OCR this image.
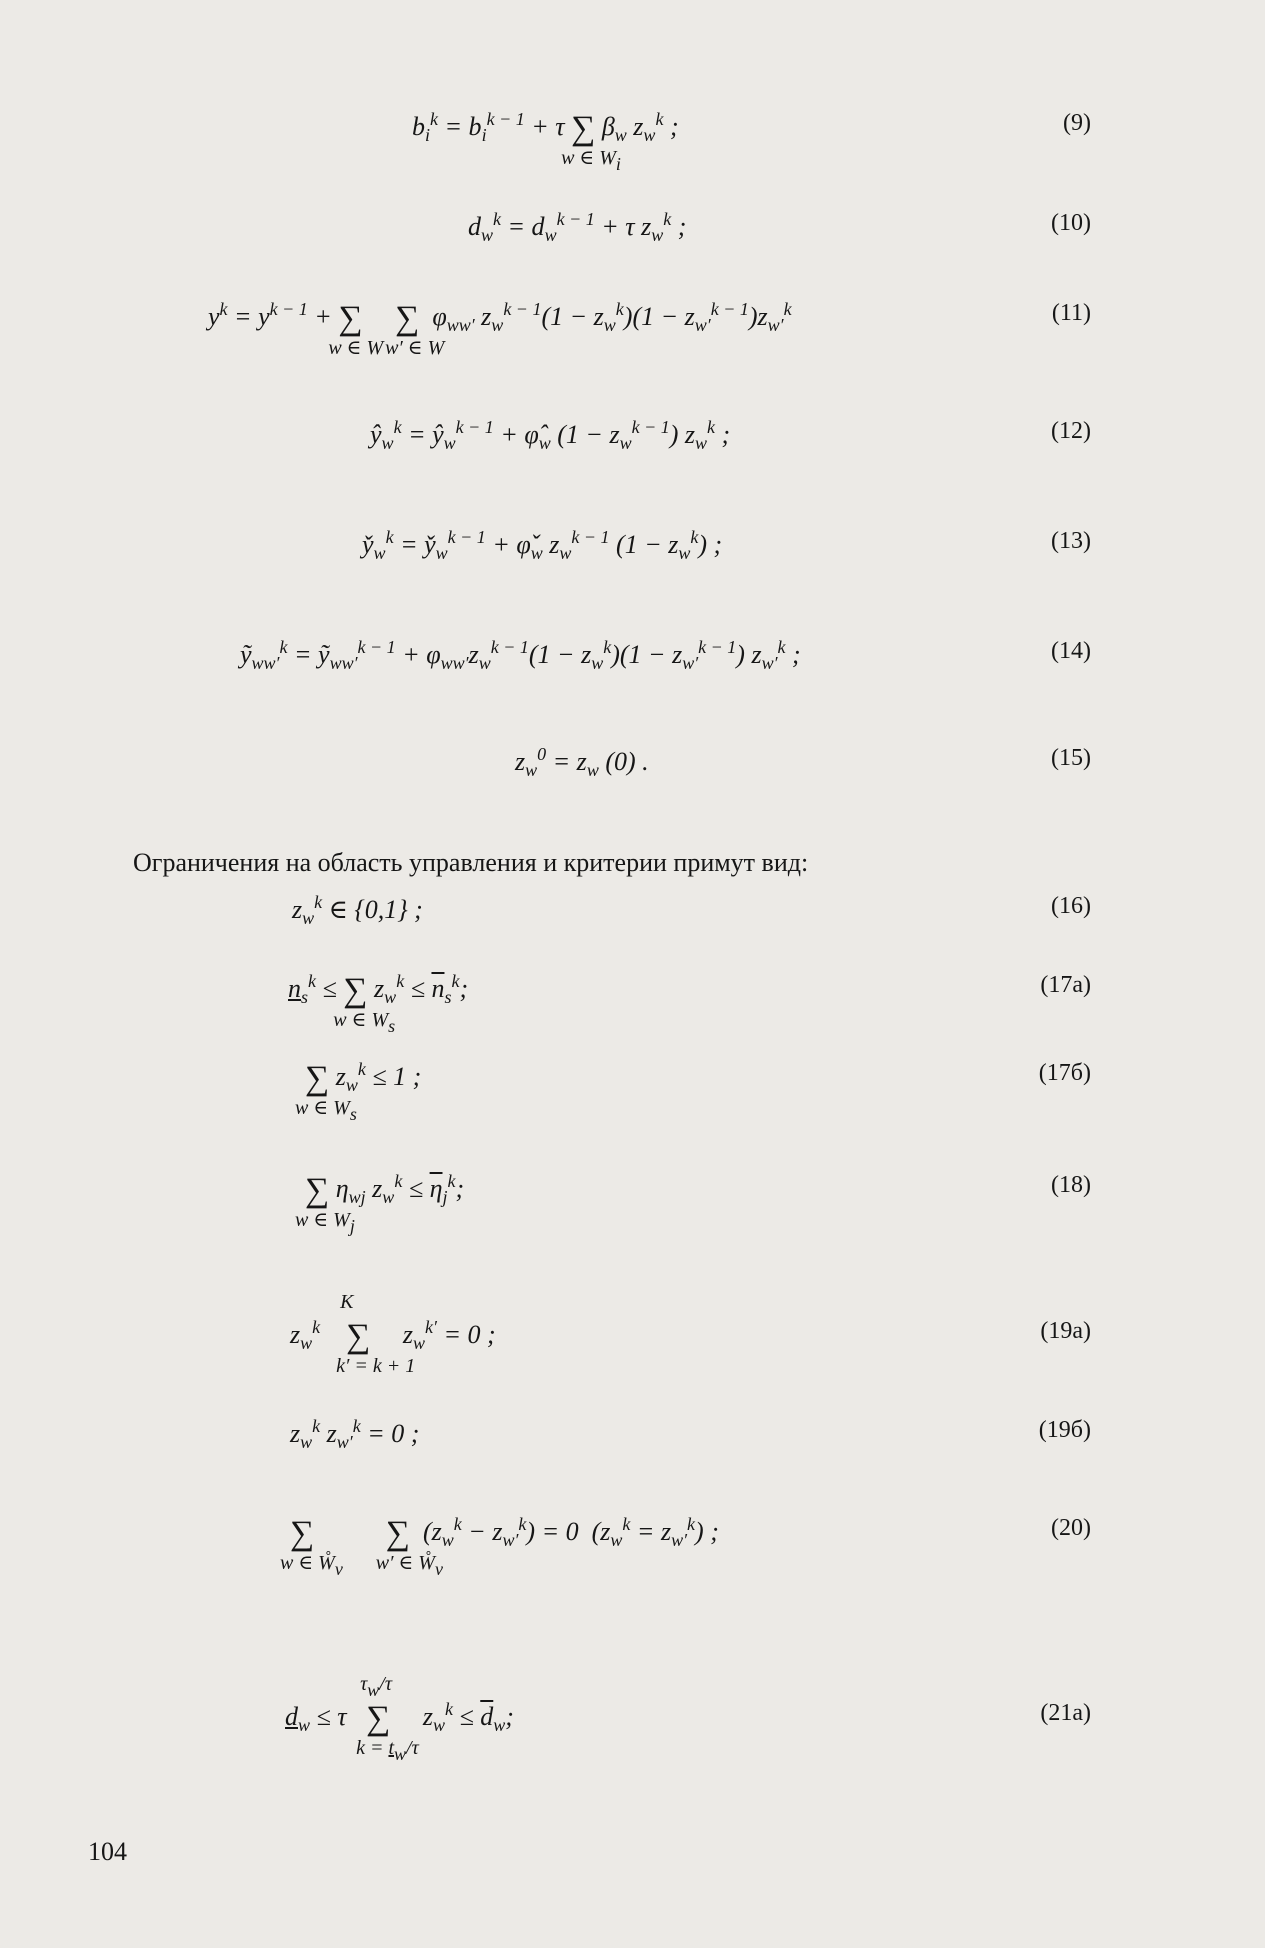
$b_i^k = b_i^{k - 1} + \tau$ ∑
w ∈ Wi
$\beta_w$ $z_w^k$ ;	(9)
$d_w^k = d_w^{k - 1} + \tau$ $z_w^k$ ;	(10)
$y^k = y^{k - 1}$ + ∑
w ∈ W
∑
w′ ∈ W
$\varphi_{ww'}$ $z_w^{k - 1}(1 - z_w^k)(1 - z_{w'}^{k - 1})z_{w'}^k$	(11)
$ŷ_w^k$ = $ŷ_w^{k - 1}$ + $\varphî_w$ $(1 - z_w^{k - 1})$ $z_w^k$ ;	(12)
$y̌_w^k$ = $y̌_w^{k - 1}$ + $\varphǐ_w$ $z_w^{k - 1}$ $(1 - z_w^k)$ ;	(13)
ỹ$_{ww'}^k$ = ỹ$_{ww'}^{k - 1}$ + $\varphi_{ww'}z_w^{k - 1}(1 - z_w^k)(1 - z_{w'}^{k - 1})$ $z_{w'}^k$ ;	(14)
$z_w^0 = z_w$ (0) .	(15)
Ограничения на область управления и критерии примут вид:
$z_w^k$ ∈ {0,1} ;	(16)
$n_s^k$ ≤ ∑
w ∈ Ws
$z_w^k \le \overline{n}_s^k$;	(17а)
∑
w ∈ Ws
$z_w^k \le 1$ ;	(17б)
∑
w ∈ Wj
$\eta_{wj}$ $z_w^k \le \overline{\eta}_j^k$;	(18)
$z_w^k$
K
∑
k′ = k + 1
$z_w^{k'} = 0$ ;	(19а)
$z_w^k$ $z_{w'}^k = 0$ ;	(19б)
∑
w ∈ W̊v
∑
w′ ∈ W̊v
$(z_w^k - z_{w'}^k) = 0$  $(z_w^k = z_{w'}^k)$ ;	(20)
$d_w \le \tau$
τw/τ
∑
k = tw/τ
$z_w^k \le \overline{d}_w$;	(21а)
104
